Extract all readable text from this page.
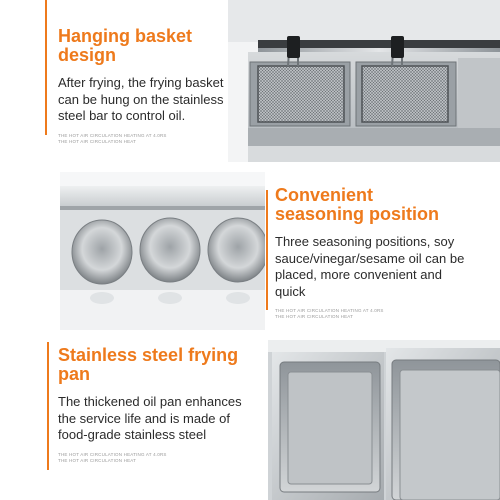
Hanging basket design
After frying, the frying basket can be hung on the stainless steel bar to control oil.
THE HOT AIR CIRCULATION HEATING AT 4.0RS
THE HOT AIR CIRCULATION HEAT
Convenient seasoning position
Three seasoning positions, soy sauce/vinegar/sesame oil can be placed, more convenient and quick
THE HOT AIR CIRCULATION HEATING AT 4.0RS
THE HOT AIR CIRCULATION HEAT
Stainless steel frying pan
The thickened oil pan enhances the service life and is made of food-grade stainless steel
THE HOT AIR CIRCULATION HEATING AT 4.0RS
THE HOT AIR CIRCULATION HEAT
